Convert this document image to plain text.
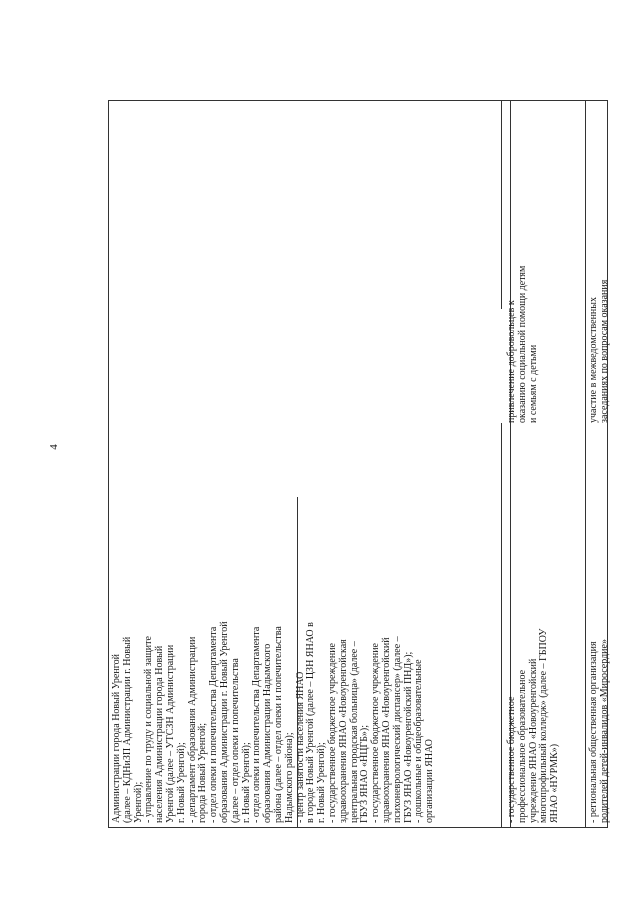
4
Администрации города Новый Уренгой (далее – КДНиЗП Администрации г. Новый Уренгой); - управление по труду и социальной защите населения Администрации города Новый Уренгой (далее – УТСЗН Администрации г. Новый Уренгой); - департамент образования Администрации города Новый Уренгой; - отдел опеки и попечительства Департамента образования Администрации г. Новый Уренгой (далее – отдел опеки и попечительства г. Новый Уренгой); - отдел опеки и попечительства Департамента образования Администрации Надымского района (далее – отдел опеки и попечительства Надымского района); - центр занятости населения ЯНАО в городе Новый Уренгой (далее – ЦЗН ЯНАО в г. Новый Уренгой); - государственное бюджетное учреждение здравоохранения ЯНАО «Новоуренгойская центральная городская больница» (далее – ГБУЗ ЯНАО «НЦГБ»); - государственное бюджетное учреждение здравоохранения ЯНАО «Новоуренгойский психоневрологический диспансер» (далее – ГБУЗ ЯНАО «Новоуренгойский ПНД»); - дошкольные и общеобразовательные организации ЯНАО	- государственное бюджетное профессиональное образовательное учреждение ЯНАО «Новоуренгойский многопрофильный колледж» (далее – ГБПОУ ЯНАО «НУРМК»)
привлечение добровольцев к оказанию социальной помощи детям и семьям с детьми
- региональная общественная организация родителей детей-инвалидов «Миросердие»
участие в межведомственных заседаниях по вопросам оказания
